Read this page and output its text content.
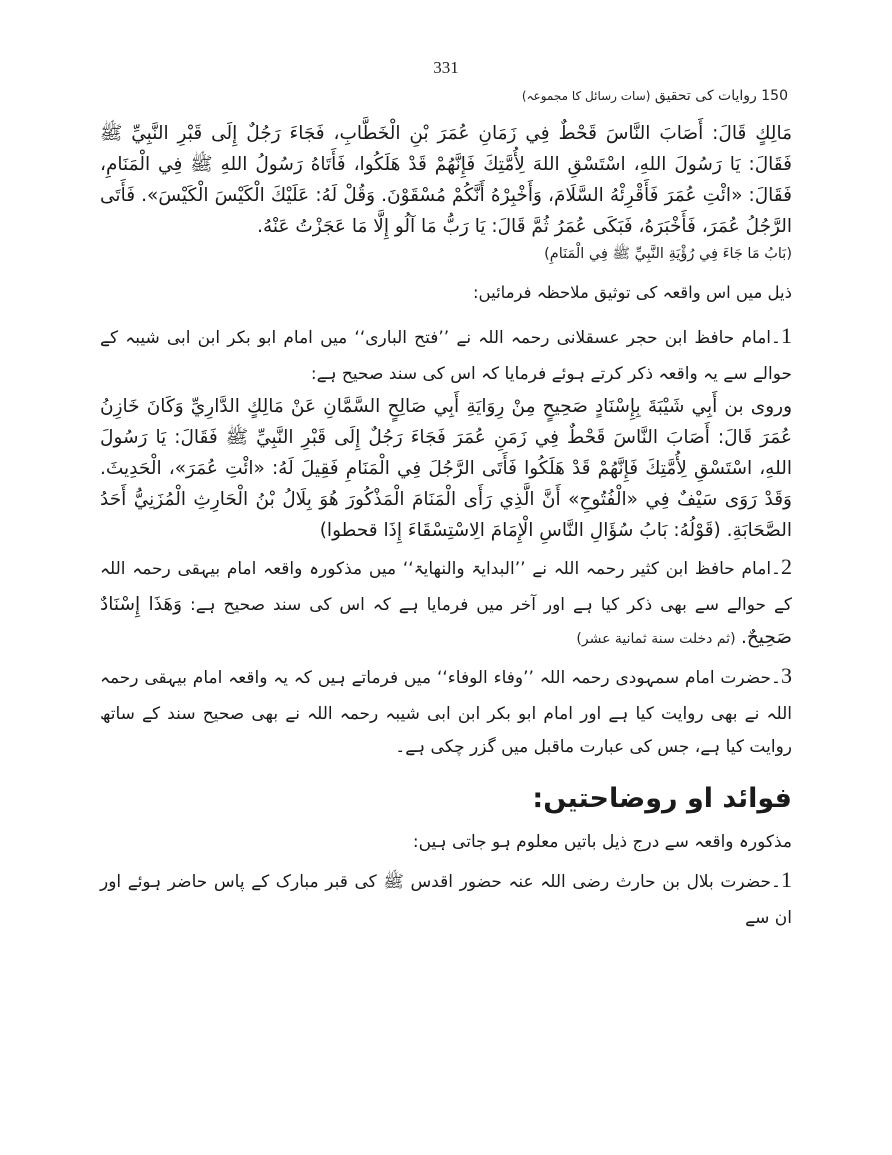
331
150 روایات کی تحقیق (سات رسائل کا مجموعہ)

مَالِكٍ قَالَ: أَصَابَ النَّاسَ قَحْطٌ فِي زَمَانِ عُمَرَ بْنِ الْخَطَّابِ، فَجَاءَ رَجُلٌ إِلَى قَبْرِ النَّبِيِّ ﷺ فَقَالَ: يَا رَسُولَ اللهِ، اسْتَسْقِ اللهَ لِأُمَّتِكَ فَإِنَّهُمْ قَدْ هَلَكُوا، فَأَتَاهُ رَسُولُ اللهِ ﷺ فِي الْمَنَامِ، فَقَالَ: «ائْتِ عُمَرَ فَأَقْرِئْهُ السَّلَامَ، وَأَخْبِرْهُ أَنَّكُمْ مُسْقَوْنَ. وَقُلْ لَهُ: عَلَيْكَ الْكَيْسَ الْكَيْسَ». فَأَتَى الرَّجُلُ عُمَرَ، فَأَخْبَرَهُ، فَبَكَى عُمَرُ ثُمَّ قَالَ: يَا رَبُّ مَا آلُو إِلَّا مَا عَجَزْتُ عَنْهُ.

(بَابُ مَا جَاءَ فِي رُؤْيَةِ النَّبِيِّ ﷺ فِي الْمَنَامِ)

ذیل میں اس واقعہ کی توثیق ملاحظہ فرمائیں:

1۔امام حافظ ابن حجر عسقلانی رحمہ اللہ نے ’’فتح الباری‘‘ میں امام ابو بکر ابن ابی شیبہ کے حوالے سے یہ واقعہ ذکر کرتے ہوئے فرمایا کہ اس کی سند صحیح ہے:

وروى بن أَبِي شَيْبَةَ بِإِسْنَادٍ صَحِيحٍ مِنْ رِوَايَةِ أَبِي صَالِحٍ السَّمَّانِ عَنْ مَالِكٍ الدَّارِيِّ وَكَانَ خَازِنُ عُمَرَ قَالَ: أَصَابَ النَّاسَ قَحْطٌ فِي زَمَنِ عُمَرَ فَجَاءَ رَجُلٌ إِلَى قَبْرِ النَّبِيِّ ﷺ فَقَالَ: يَا رَسُولَ اللهِ، اسْتَسْقِ لِأُمَّتِكَ فَإِنَّهُمْ قَدْ هَلَكُوا فَأَتَى الرَّجُلَ فِي الْمَنَامِ فَقِيلَ لَهُ: «ائْتِ عُمَرَ»، الْحَدِيثَ. وَقَدْ رَوَى سَيْفٌ فِي «الْفُتُوحِ» أَنَّ الَّذِي رَأَى الْمَنَامَ الْمَذْكُورَ هُوَ بِلَالُ بْنُ الْحَارِثِ الْمُزَنِيُّ أَحَدُ الصَّحَابَةِ. (قَوْلُهُ: بَابُ سُؤَالِ النَّاسِ الْإِمَامَ الِاسْتِسْقَاءَ إِذَا قحطوا)

2۔امام حافظ ابن کثیر رحمہ اللہ نے ’’البدایۃ والنھایۃ‘‘ میں مذکورہ واقعہ امام بیہقی رحمہ اللہ کے حوالے سے بھی ذکر کیا ہے اور آخر میں فرمایا ہے کہ اس کی سند صحیح ہے: وَهَذَا إِسْنَادٌ صَحِيحٌ. (ثم دخلت سنة ثمانية عشر)

3۔حضرت امام سمہودی رحمہ اللہ ’’وفاء الوفاء‘‘ میں فرماتے ہیں کہ یہ واقعہ امام بیہقی رحمہ اللہ نے بھی روایت کیا ہے اور امام ابو بکر ابن ابی شیبہ رحمہ اللہ نے بھی صحیح سند کے ساتھ روایت کیا ہے، جس کی عبارت ماقبل میں گزر چکی ہے۔

فوائد او روضاحتیں:

مذکورہ واقعہ سے درج ذیل باتیں معلوم ہو جاتی ہیں:

1۔حضرت بلال بن حارث رضی اللہ عنہ حضور اقدس ﷺ کی قبر مبارک کے پاس حاضر ہوئے اور ان سے
